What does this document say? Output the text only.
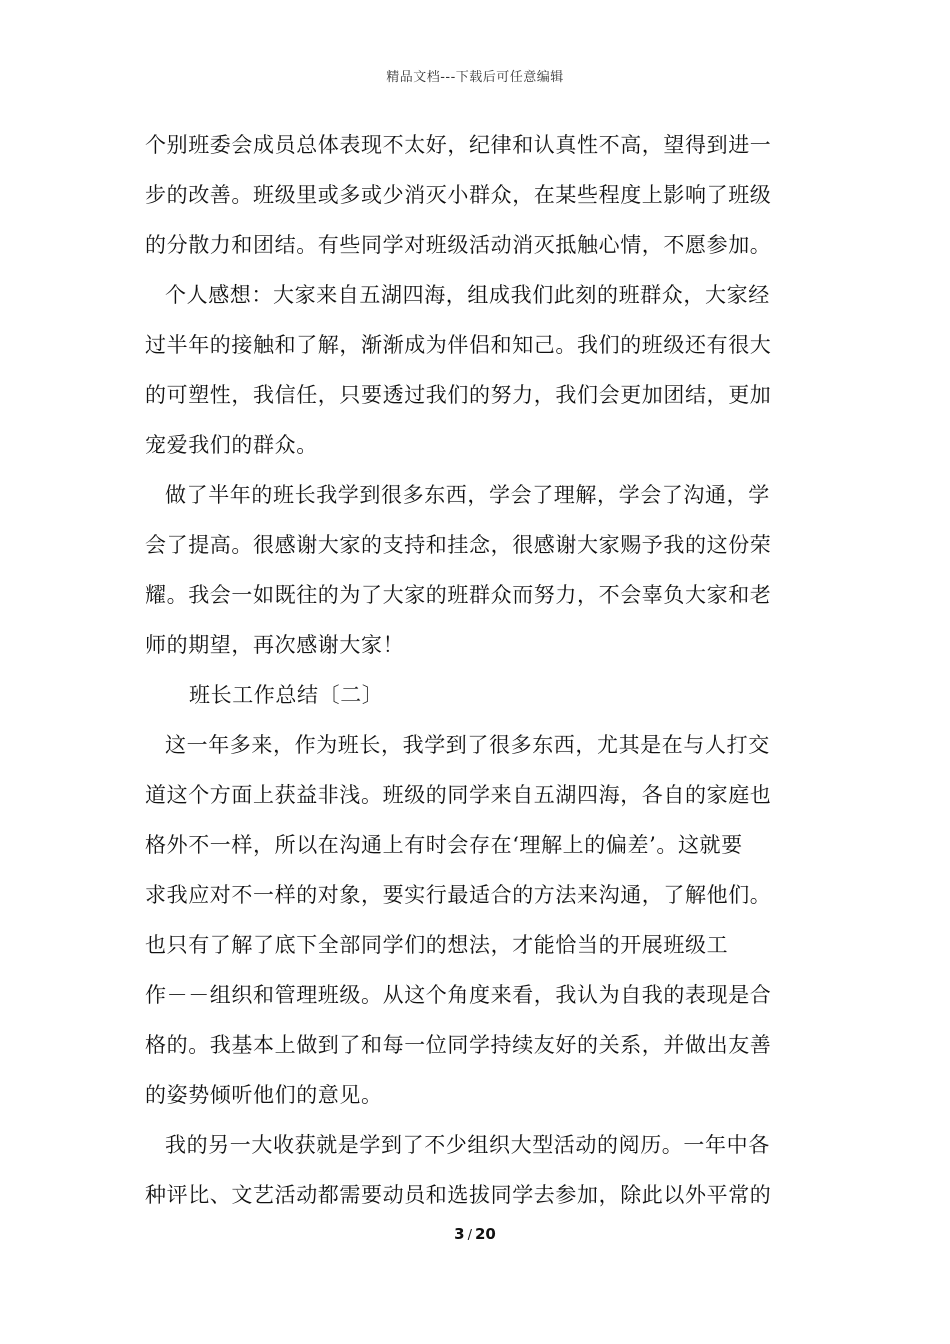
精品文档---下载后可任意编辑

个别班委会成员总体表现不太好，纪律和认真性不高，望得到进一
步的改善。班级里或多或少消灭小群众，在某些程度上影响了班级
的分散力和团结。有些同学对班级活动消灭抵触心情，不愿参加。

个人感想：大家来自五湖四海，组成我们此刻的班群众，大家经
过半年的接触和了解，渐渐成为伴侣和知己。我们的班级还有很大
的可塑性，我信任，只要透过我们的努力，我们会更加团结，更加
宠爱我们的群众。

做了半年的班长我学到很多东西，学会了理解，学会了沟通，学
会了提高。很感谢大家的支持和挂念，很感谢大家赐予我的这份荣
耀。我会一如既往的为了大家的班群众而努力，不会辜负大家和老
师的期望，再次感谢大家！

班长工作总结〔二〕

这一年多来，作为班长，我学到了很多东西，尤其是在与人打交
道这个方面上获益非浅。班级的同学来自五湖四海，各自的家庭也
格外不一样，所以在沟通上有时会存在‘理解上的偏差’。这就要
求我应对不一样的对象，要实行最适合的方法来沟通，了解他们。
也只有了解了底下全部同学们的想法，才能恰当的开展班级工
作－－组织和管理班级。从这个角度来看，我认为自我的表现是合
格的。我基本上做到了和每一位同学持续友好的关系，并做出友善
的姿势倾听他们的意见。

我的另一大收获就是学到了不少组织大型活动的阅历。一年中各
种评比、文艺活动都需要动员和选拔同学去参加，除此以外平常的

3 / 20
